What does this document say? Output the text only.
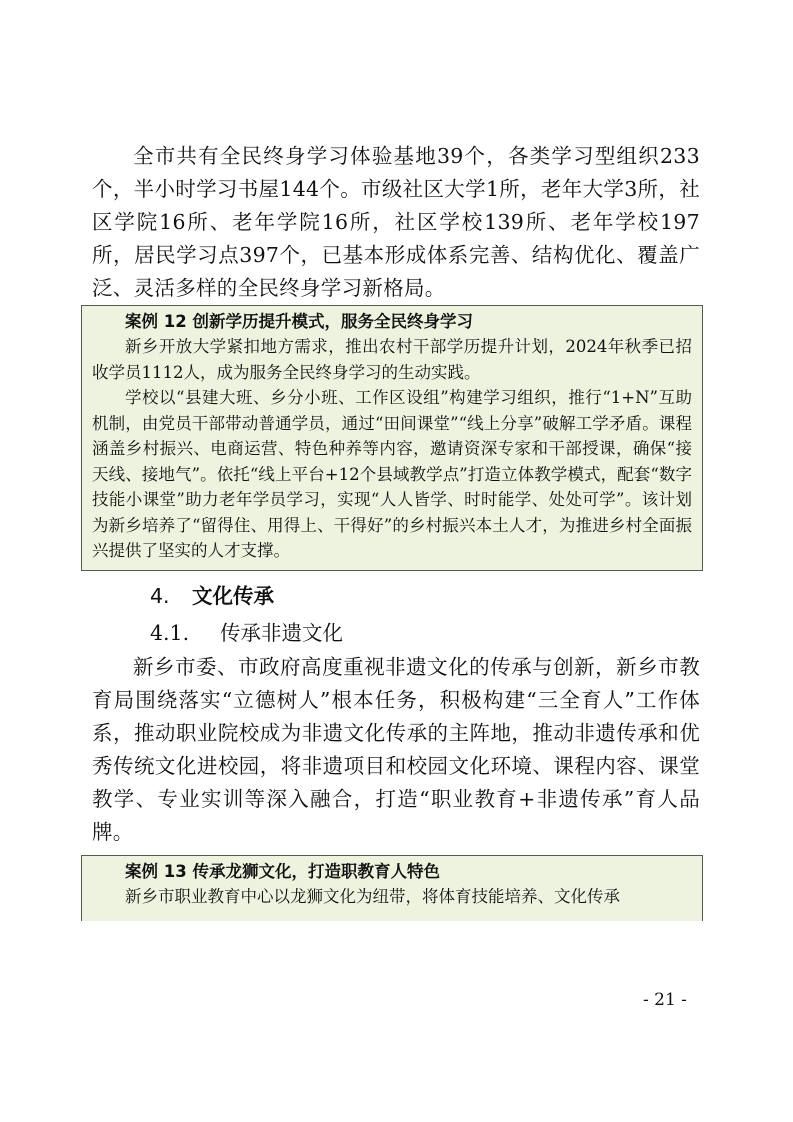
全市共有全民终身学习体验基地39个，各类学习型组织233个，半小时学习书屋144个。市级社区大学1所，老年大学3所，社区学院16所、老年学院16所，社区学校139所、老年学校197所，居民学习点397个，已基本形成体系完善、结构优化、覆盖广泛、灵活多样的全民终身学习新格局。

案例 12 创新学历提升模式，服务全民终身学习

新乡开放大学紧扣地方需求，推出农村干部学历提升计划，2024年秋季已招收学员1112人，成为服务全民终身学习的生动实践。

学校以“县建大班、乡分小班、工作区设组”构建学习组织，推行“1+N”互助机制，由党员干部带动普通学员，通过“田间课堂”“线上分享”破解工学矛盾。课程涵盖乡村振兴、电商运营、特色种养等内容，邀请资深专家和干部授课，确保“接天线、接地气”。依托“线上平台+12个县域教学点”打造立体教学模式，配套“数字技能小课堂”助力老年学员学习，实现“人人皆学、时时能学、处处可学”。该计划为新乡培养了“留得住、用得上、干得好”的乡村振兴本土人才，为推进乡村全面振兴提供了坚实的人才支撑。

4. 文化传承
4.1. 传承非遗文化

新乡市委、市政府高度重视非遗文化的传承与创新，新乡市教育局围绕落实“立德树人”根本任务，积极构建“三全育人”工作体系，推动职业院校成为非遗文化传承的主阵地，推动非遗传承和优秀传统文化进校园，将非遗项目和校园文化环境、课程内容、课堂教学、专业实训等深入融合，打造“职业教育+非遗传承”育人品牌。

案例 13 传承龙狮文化，打造职教育人特色

新乡市职业教育中心以龙狮文化为纽带，将体育技能培养、文化传承

- 21 -
